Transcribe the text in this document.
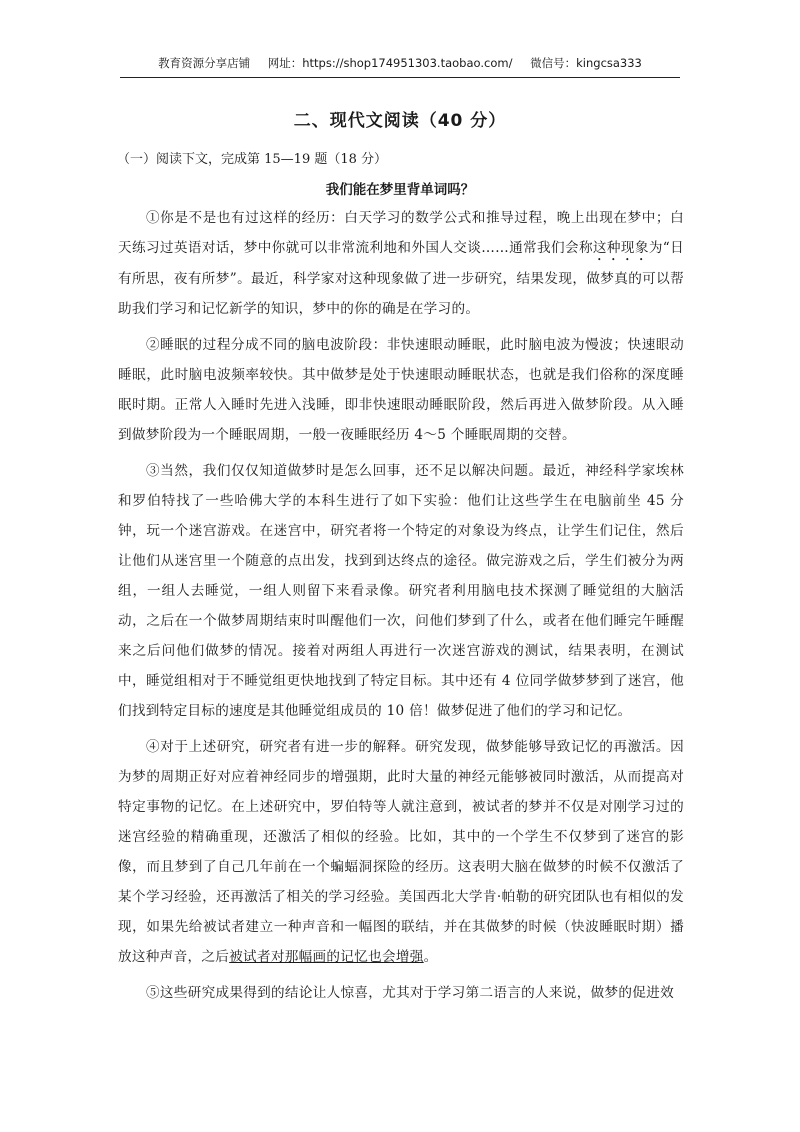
教育资源分享店铺 网址：https://shop174951303.taobao.com/ 微信号：kingcsa333
二、现代文阅读（40 分）
（一）阅读下文，完成第 15—19 题（18 分）
我们能在梦里背单词吗？

①你是不是也有过这样的经历：白天学习的数学公式和推导过程，晚上出现在梦中；白天练习过英语对话，梦中你就可以非常流利地和外国人交谈……通常我们会称这种现象为“日有所思，夜有所梦”。最近，科学家对这种现象做了进一步研究，结果发现，做梦真的可以帮助我们学习和记忆新学的知识，梦中的你的确是在学习的。

②睡眠的过程分成不同的脑电波阶段：非快速眼动睡眠，此时脑电波为慢波；快速眼动睡眠，此时脑电波频率较快。其中做梦是处于快速眼动睡眠状态，也就是我们俗称的深度睡眠时期。正常人入睡时先进入浅睡，即非快速眼动睡眠阶段，然后再进入做梦阶段。从入睡到做梦阶段为一个睡眠周期，一般一夜睡眠经历 4～5 个睡眠周期的交替。

③当然，我们仅仅知道做梦时是怎么回事，还不足以解决问题。最近，神经科学家埃林和罗伯特找了一些哈佛大学的本科生进行了如下实验：他们让这些学生在电脑前坐 45 分钟，玩一个迷宫游戏。在迷宫中，研究者将一个特定的对象设为终点，让学生们记住，然后让他们从迷宫里一个随意的点出发，找到到达终点的途径。做完游戏之后，学生们被分为两组，一组人去睡觉，一组人则留下来看录像。研究者利用脑电技术探测了睡觉组的大脑活动，之后在一个做梦周期结束时叫醒他们一次，问他们梦到了什么，或者在他们睡完午睡醒来之后问他们做梦的情况。接着对两组人再进行一次迷宫游戏的测试，结果表明，在测试中，睡觉组相对于不睡觉组更快地找到了特定目标。其中还有 4 位同学做梦梦到了迷宫，他们找到特定目标的速度是其他睡觉组成员的 10 倍！做梦促进了他们的学习和记忆。

④对于上述研究，研究者有进一步的解释。研究发现，做梦能够导致记忆的再激活。因为梦的周期正好对应着神经同步的增强期，此时大量的神经元能够被同时激活，从而提高对特定事物的记忆。在上述研究中，罗伯特等人就注意到，被试者的梦并不仅是对刚学习过的迷宫经验的精确重现，还激活了相似的经验。比如，其中的一个学生不仅梦到了迷宫的影像，而且梦到了自己几年前在一个蝙蝠洞探险的经历。这表明大脑在做梦的时候不仅激活了某个学习经验，还再激活了相关的学习经验。美国西北大学肯·帕勒的研究团队也有相似的发现，如果先给被试者建立一种声音和一幅图的联结，并在其做梦的时候（快波睡眠时期）播放这种声音，之后被试者对那幅画的记忆也会增强。

⑤这些研究成果得到的结论让人惊喜，尤其对于学习第二语言的人来说，做梦的促进效
